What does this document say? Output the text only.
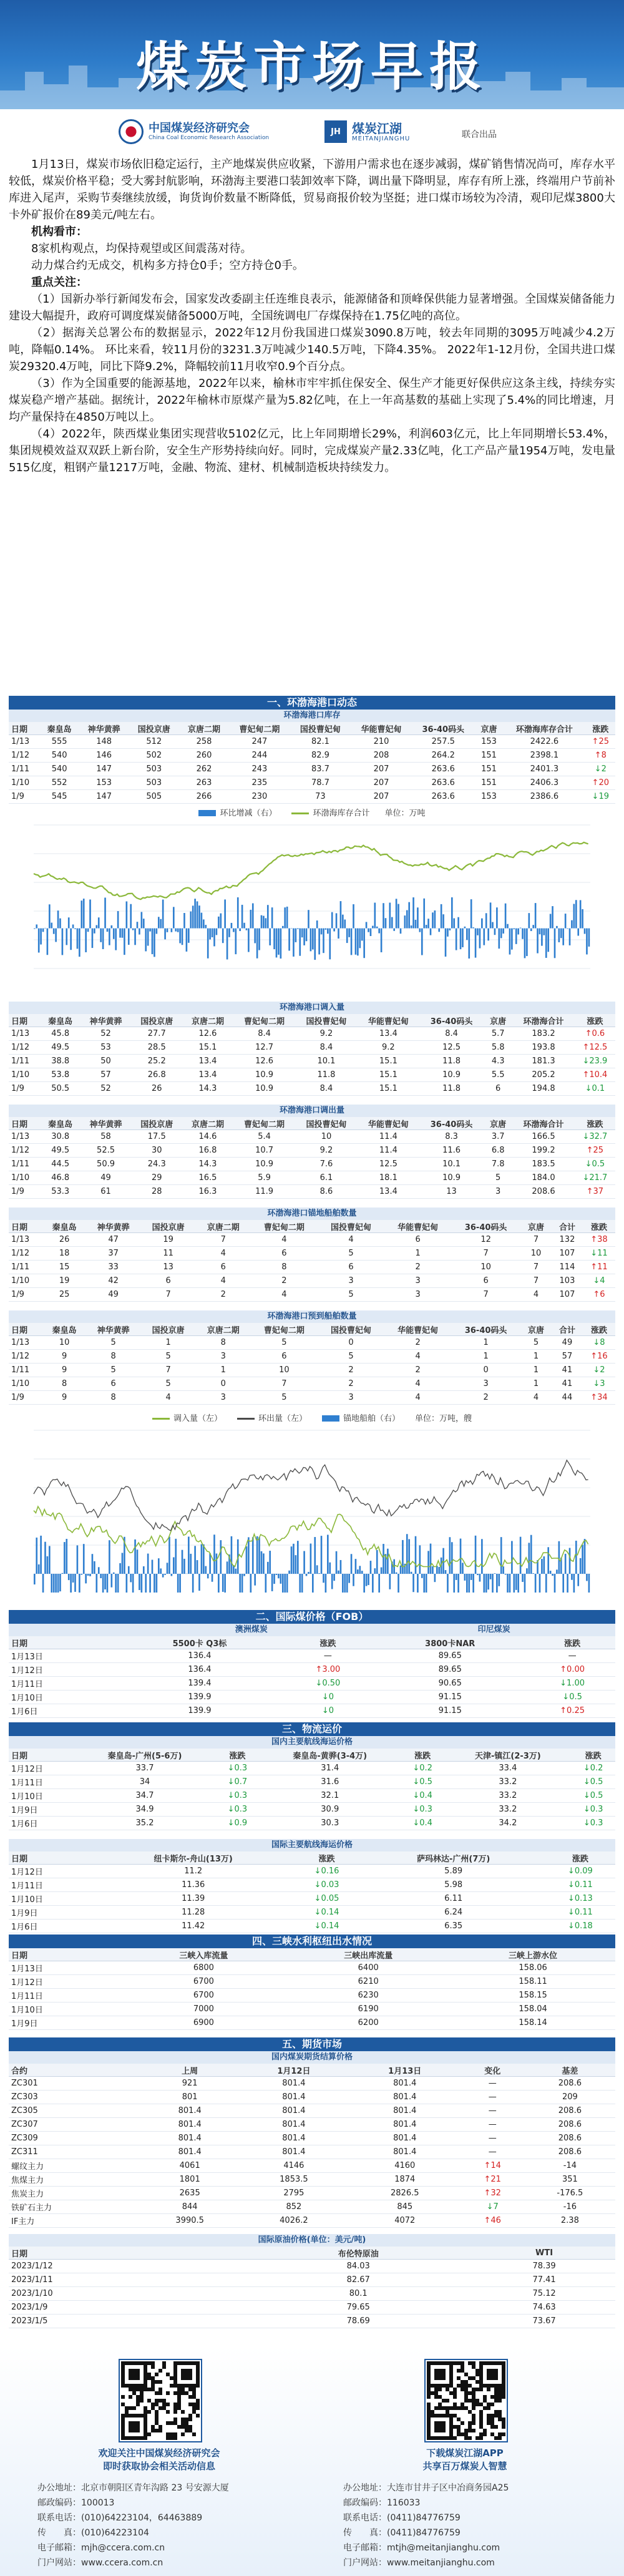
煤炭市场早报
中国煤炭经济研究会
China Coal Economic Research Association
JH 煤炭江湖
MEITANJIANGHU	联合出品

1月13日，煤炭市场依旧稳定运行，主产地煤炭供应收紧，下游用户需求也在逐步减弱，煤矿销售情况尚可，库存水平较低，煤炭价格平稳；受大雾封航影响，环渤海主要港口装卸效率下降，调出量下降明显，库存有所上涨，终端用户节前补库进入尾声，采购节奏继续放缓，询货询价数量不断降低，贸易商报价较为坚挺；进口煤市场较为冷清，观印尼煤3800大卡外矿报价在89美元/吨左右。

机构看市：
8家机构观点，均保持观望或区间震荡对待。
动力煤合约无成交，机构多方持仓0手；空方持仓0手。
重点关注：

（1）国新办举行新闻发布会，国家发改委副主任连维良表示，能源储备和顶峰保供能力显著增强。全国煤炭储备能力建设大幅提升，政府可调度煤炭储备5000万吨，全国统调电厂存煤保持在1.75亿吨的高位。

（2）据海关总署公布的数据显示，2022年12月份我国进口煤炭3090.8万吨，较去年同期的3095万吨减少4.2万吨，降幅0.14%。 环比来看，较11月份的3231.3万吨减少140.5万吨，下降4.35%。 2022年1-12月份，全国共进口煤炭29320.4万吨，同比下降9.2%，降幅较前11月收窄0.9个百分点。

（3）作为全国重要的能源基地，2022年以来，榆林市牢牢抓住保安全、保生产才能更好保供应这条主线，持续夯实煤炭稳产增产基础。据统计，2022年榆林市原煤产量为5.82亿吨，在上一年高基数的基础上实现了5.4%的同比增速，月均产量保持在4850万吨以上。

（4）2022年，陕西煤业集团实现营收5102亿元，比上年同期增长29%，利润603亿元，比上年同期增长53.4%，集团规模效益双双跃上新台阶，安全生产形势持续向好。同时，完成煤炭产量2.33亿吨，化工产品产量1954万吨，发电量515亿度，粗钢产量1217万吨，金融、物流、建材、机械制造板块持续发力。

一、环渤海港口动态
环渤海港口库存
日期	秦皇岛	神华黄骅	国投京唐	京唐二期	曹妃甸二期	国投曹妃甸	华能曹妃甸	36-40码头	京唐	环渤海库存合计	涨跌
1/13	555	148	512	258	247	82.1	210	257.5	153	2422.6	↑25
1/12	540	146	502	260	244	82.9	208	264.2	151	2398.1	↑8
1/11	540	147	503	262	243	83.7	207	263.6	151	2401.3	↓2
1/10	552	153	503	263	235	78.7	207	263.6	151	2406.3	↑20
1/9	545	147	505	266	230	73	207	263.6	153	2386.6	↓19
环比增减（右）	环渤海库存合计 单位：万吨
环渤海港口调入量
日期	秦皇岛	神华黄骅	国投京唐	京唐二期	曹妃甸二期	国投曹妃甸	华能曹妃甸	36-40码头	京唐	环渤海合计	涨跌
1/13	45.8	52	27.7	12.6	8.4	9.2	13.4	8.4	5.7	183.2	↑0.6
1/12	49.5	53	28.5	15.1	12.7	8.4	9.2	12.5	5.8	193.8	↑12.5
1/11	38.8	50	25.2	13.4	12.6	10.1	15.1	11.8	4.3	181.3	↓23.9
1/10	53.8	57	26.8	13.4	10.9	11.8	15.1	10.9	5.5	205.2	↑10.4
1/9	50.5	52	26	14.3	10.9	8.4	15.1	11.8	6	194.8	↓0.1
环渤海港口调出量
日期	秦皇岛	神华黄骅	国投京唐	京唐二期	曹妃甸二期	国投曹妃甸	华能曹妃甸	36-40码头	京唐	环渤海合计	涨跌
1/13	30.8	58	17.5	14.6	5.4	10	11.4	8.3	3.7	166.5	↓32.7
1/12	49.5	52.5	30	16.8	10.7	9.2	11.4	11.6	6.8	199.2	↑25
1/11	44.5	50.9	24.3	14.3	10.9	7.6	12.5	10.1	7.8	183.5	↓0.5
1/10	46.8	49	29	16.5	5.9	6.1	18.1	10.9	5	184.0	↓21.7
1/9	53.3	61	28	16.3	11.9	8.6	13.4	13	3	208.6	↑37
环渤海港口锚地船舶数量
日期	秦皇岛	神华黄骅	国投京唐	京唐二期	曹妃甸二期	国投曹妃甸	华能曹妃甸	36-40码头	京唐	合计	涨跌
1/13	26	47	19	7	4	4	6	12	7	132	↑38
1/12	18	37	11	4	6	5	1	7	10	107	↓11
1/11	15	33	13	6	8	6	2	10	7	114	↑11
1/10	19	42	6	4	2	3	3	6	7	103	↓4
1/9	25	49	7	2	4	5	3	7	4	107	↑6
环渤海港口预到船舶数量
日期	秦皇岛	神华黄骅	国投京唐	京唐二期	曹妃甸二期	国投曹妃甸	华能曹妃甸	36-40码头	京唐	合计	涨跌
1/13	10	5	1	8	5	0	2	1	5	49	↓8
1/12	9	8	5	3	6	5	4	1	1	57	↑16
1/11	9	5	7	1	10	2	2	0	1	41	↓2
1/10	8	6	5	0	7	2	4	3	1	41	↓3
1/9	9	8	4	3	5	3	4	2	4	44	↑34
调入量（左）	环出量（左）	锚地船舶（右） 单位：万吨，艘
二、国际煤价格（FOB）
澳洲煤炭	印尼煤炭
日期	5500卡 Q3标	涨跌	3800卡NAR	涨跌
1月13日	136.4	—	89.65	—
1月12日	136.4	↑3.00	89.65	↑0.00
1月11日	139.4	↓0.50	90.65	↓1.00
1月10日	139.9	↓0	91.15	↓0.5
1月6日	139.9	↓0	91.15	↑0.25
三、物流运价
国内主要航线海运价格
日期	秦皇岛-广州(5-6万)	涨跌	秦皇岛-黄骅(3-4万)	涨跌	天津-镇江(2-3万)	涨跌
1月12日	33.7	↓0.3	31.4	↓0.2	33.4	↓0.2
1月11日	34	↓0.7	31.6	↓0.5	33.2	↓0.5
1月10日	34.7	↓0.3	32.1	↓0.4	33.2	↓0.5
1月9日	34.9	↓0.3	30.9	↓0.3	33.2	↓0.3
1月6日	35.2	↓0.9	30.3	↓0.4	34.2	↓0.3
国际主要航线海运价格
日期	纽卡斯尔-舟山(13万)	涨跌	萨玛林达-广州(7万)	涨跌
1月12日	11.2	↓0.16	5.89	↓0.09
1月11日	11.36	↓0.03	5.98	↓0.11
1月10日	11.39	↓0.05	6.11	↓0.13
1月9日	11.28	↓0.14	6.24	↓0.11
1月6日	11.42	↓0.14	6.35	↓0.18
四、三峡水利枢纽出水情况
日期	三峡入库流量	三峡出库流量	三峡上游水位
1月13日	6800	6400	158.06
1月12日	6700	6210	158.11
1月11日	6700	6230	158.15
1月10日	7000	6190	158.04
1月9日	6900	6200	158.14
五、期货市场
国内煤炭期货结算价格
合约	上周	1月12日	1月13日	变化	基差
ZC301	921	801.4	801.4	—	208.6
ZC303	801	801.4	801.4	—	209
ZC305	801.4	801.4	801.4	—	208.6
ZC307	801.4	801.4	801.4	—	208.6
ZC309	801.4	801.4	801.4	—	208.6
ZC311	801.4	801.4	801.4	—	208.6
螺纹主力	4061	4146	4160	↑14	-14
焦煤主力	1801	1853.5	1874	↑21	351
焦炭主力	2635	2795	2826.5	↑32	-176.5
铁矿石主力	844	852	845	↓7	-16
IF主力	3990.5	4026.2	4072	↑46	2.38
国际原油价格(单位：美元/吨)
日期	布伦特原油	WTI
2023/1/12	84.03	78.39
2023/1/11	82.67	77.41
2023/1/10	80.1	75.12
2023/1/9	79.65	74.63
2023/1/5	78.69	73.67
欢迎关注中国煤炭经济研究会
即时获取协会相关活动信息
下载煤炭江湖APP
共享百万煤炭人智慧
办公地址：北京市朝阳区青年沟路 23 号安源大厦
邮政编码：100013
联系电话：(010)64223104，64463889
传　　真：(010)64223104
电子邮箱：mjh@ccera.com.cn
门户网站：www.ccera.com.cn
办公地址：大连市甘井子区中冶商务园A25
邮政编码：116033
联系电话：(0411)84776759
传　　真：(0411)84776759
电子邮箱：mtjh@meitanjianghu.com
门户网站：www.meitanjianghu.com
